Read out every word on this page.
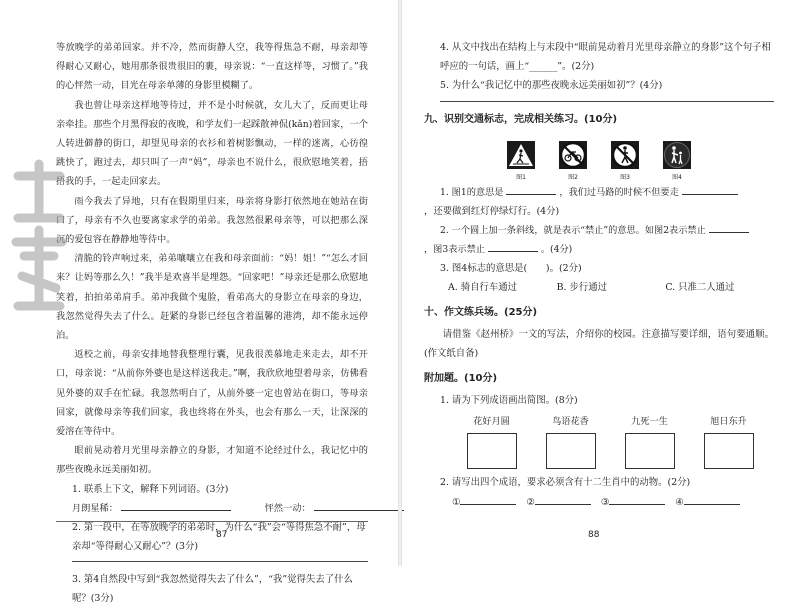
等放晚学的弟弟回家。并不冷，然而街静人空，我等得焦急不耐，母亲却等得耐心又耐心，她用那条很贵很旧的裹，母亲说：“一直这样等，习惯了。”我的心怦然一动，目光在母亲单薄的身影里模糊了。

我也曾让母亲这样地等待过，并不是小时候就，女儿大了，反而更让母亲牵挂。那些个月黑得寂的夜晚，和学友们一起踩散神侃(kǎn)着回家，一个人转进僻静的街口，却望见母亲的衣衫和着树影飘动，一样的迷离，心彷徨跳快了，跑过去，却只叫了一声“妈”，母亲也不说什么，很欣慰地笑着，捂捂我的手，一起走回家去。

雨今我去了异地，只有在假期里归来，母亲将身影打依然地在她站在街口了，母亲有不久也要离家求学的弟弟。我忽然很累母亲等，可以把那么深沉的爱包容在静静地等待中。

清脆的铃声响过来，弟弟嚷嚷立在我和母亲面前：“妈！姐！”“怎么才回来？让妈等那么久！”我半是欢喜半是埋怨。“回家吧！”母亲还是那么欣慰地笑着，拍拍弟弟肩手。弟冲我做个鬼脸，看弟高大的身影立在母亲的身边，我忽然觉得失去了什么。赶紧的身影已经包含着温馨的港湾，却不能永远停泊。

返校之前，母亲安排地替我整理行囊，见我很羡慕地走来走去，却不开口，母亲说：“从前你外婆也是这样送我走。”啊，我欣欣地望着母亲，仿佛看见外婆的双手在忙碌。我忽然明白了，从前外婆一定也曾站在街口，等母亲回家，就像母亲等我们回家，我也终将在外头，也会有那么一天，让深深的爱溶在等待中。

眼前晃动着月光里母亲静立的身影，才知道不论经过什么，我记忆中的那些夜晚永远美丽如初。

1. 联系上下文，解释下列词语。(3分)

月朗星稀：	怦然一动：

2. 第一段中，在等放晚学的弟弟时，为什么“我”会“等得焦急不耐”，母亲却“等得耐心又耐心”？(3分)

3. 第4自然段中写到“我忽然觉得失去了什么”，“我”觉得失去了什么呢？(3分)

87

4. 从文中找出在结构上与末段中“眼前晃动着月光里母亲静立的身影”这个句子相呼应的一句话，画上“______”。(2分)

5. 为什么“我记忆中的那些夜晚永远美丽如初”？(4分)

九、识别交通标志，完成相关练习。(10分)
图1	图2	图3	图4
1. 图1的意思是	，我们过马路的时候不但要走

，还要做到红灯停绿灯行。(4分)

2. 一个圆上加一条斜线，就是表示“禁止”的意思。如图2表示禁止
，图3表示禁止	。(4分)

3. 图4标志的意思是(　　)。(2分)

A. 骑自行车通过	B. 步行通过	C. 只准二人通过
十、作文练兵场。(25分)

请借鉴《赵州桥》一文的写法，介绍你的校园。注意描写要详细，语句要通顺。(作文纸自备)

附加题。(10分)

1. 请为下列成语画出简图。(8分)

花好月圆	鸟语花香	九死一生	旭日东升

2. 请写出四个成语，要求必须含有十二生肖中的动物。(2分)

①	②	③	④
88
